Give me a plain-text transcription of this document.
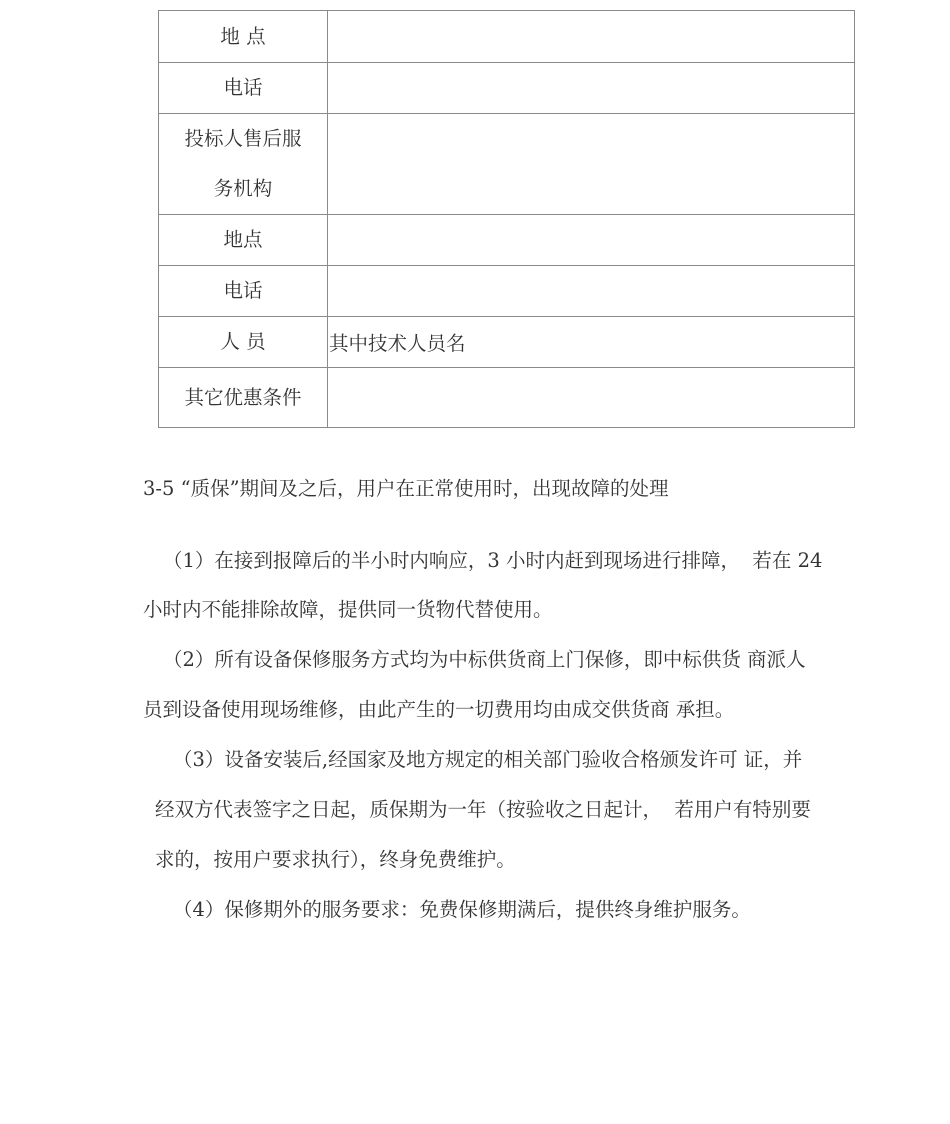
地 点	
电话	
投标人售后服
务机构	
地点	
电话	
人 员	其中技术人员名
其它优惠条件	
3-5 “质保”期间及之后，用户在正常使用时，出现故障的处理

（1）在接到报障后的半小时内响应，3 小时内赶到现场进行排障，  若在 24

小时内不能排除故障，提供同一货物代替使用。

（2）所有设备保修服务方式均为中标供货商上门保修，即中标供货 商派人

员到设备使用现场维修，由此产生的一切费用均由成交供货商 承担。

（3）设备安装后,经国家及地方规定的相关部门验收合格颁发许可 证，并

经双方代表签字之日起，质保期为一年（按验收之日起计，  若用户有特别要

求的，按用户要求执行），终身免费维护。

（4）保修期外的服务要求：免费保修期满后，提供终身维护服务。
